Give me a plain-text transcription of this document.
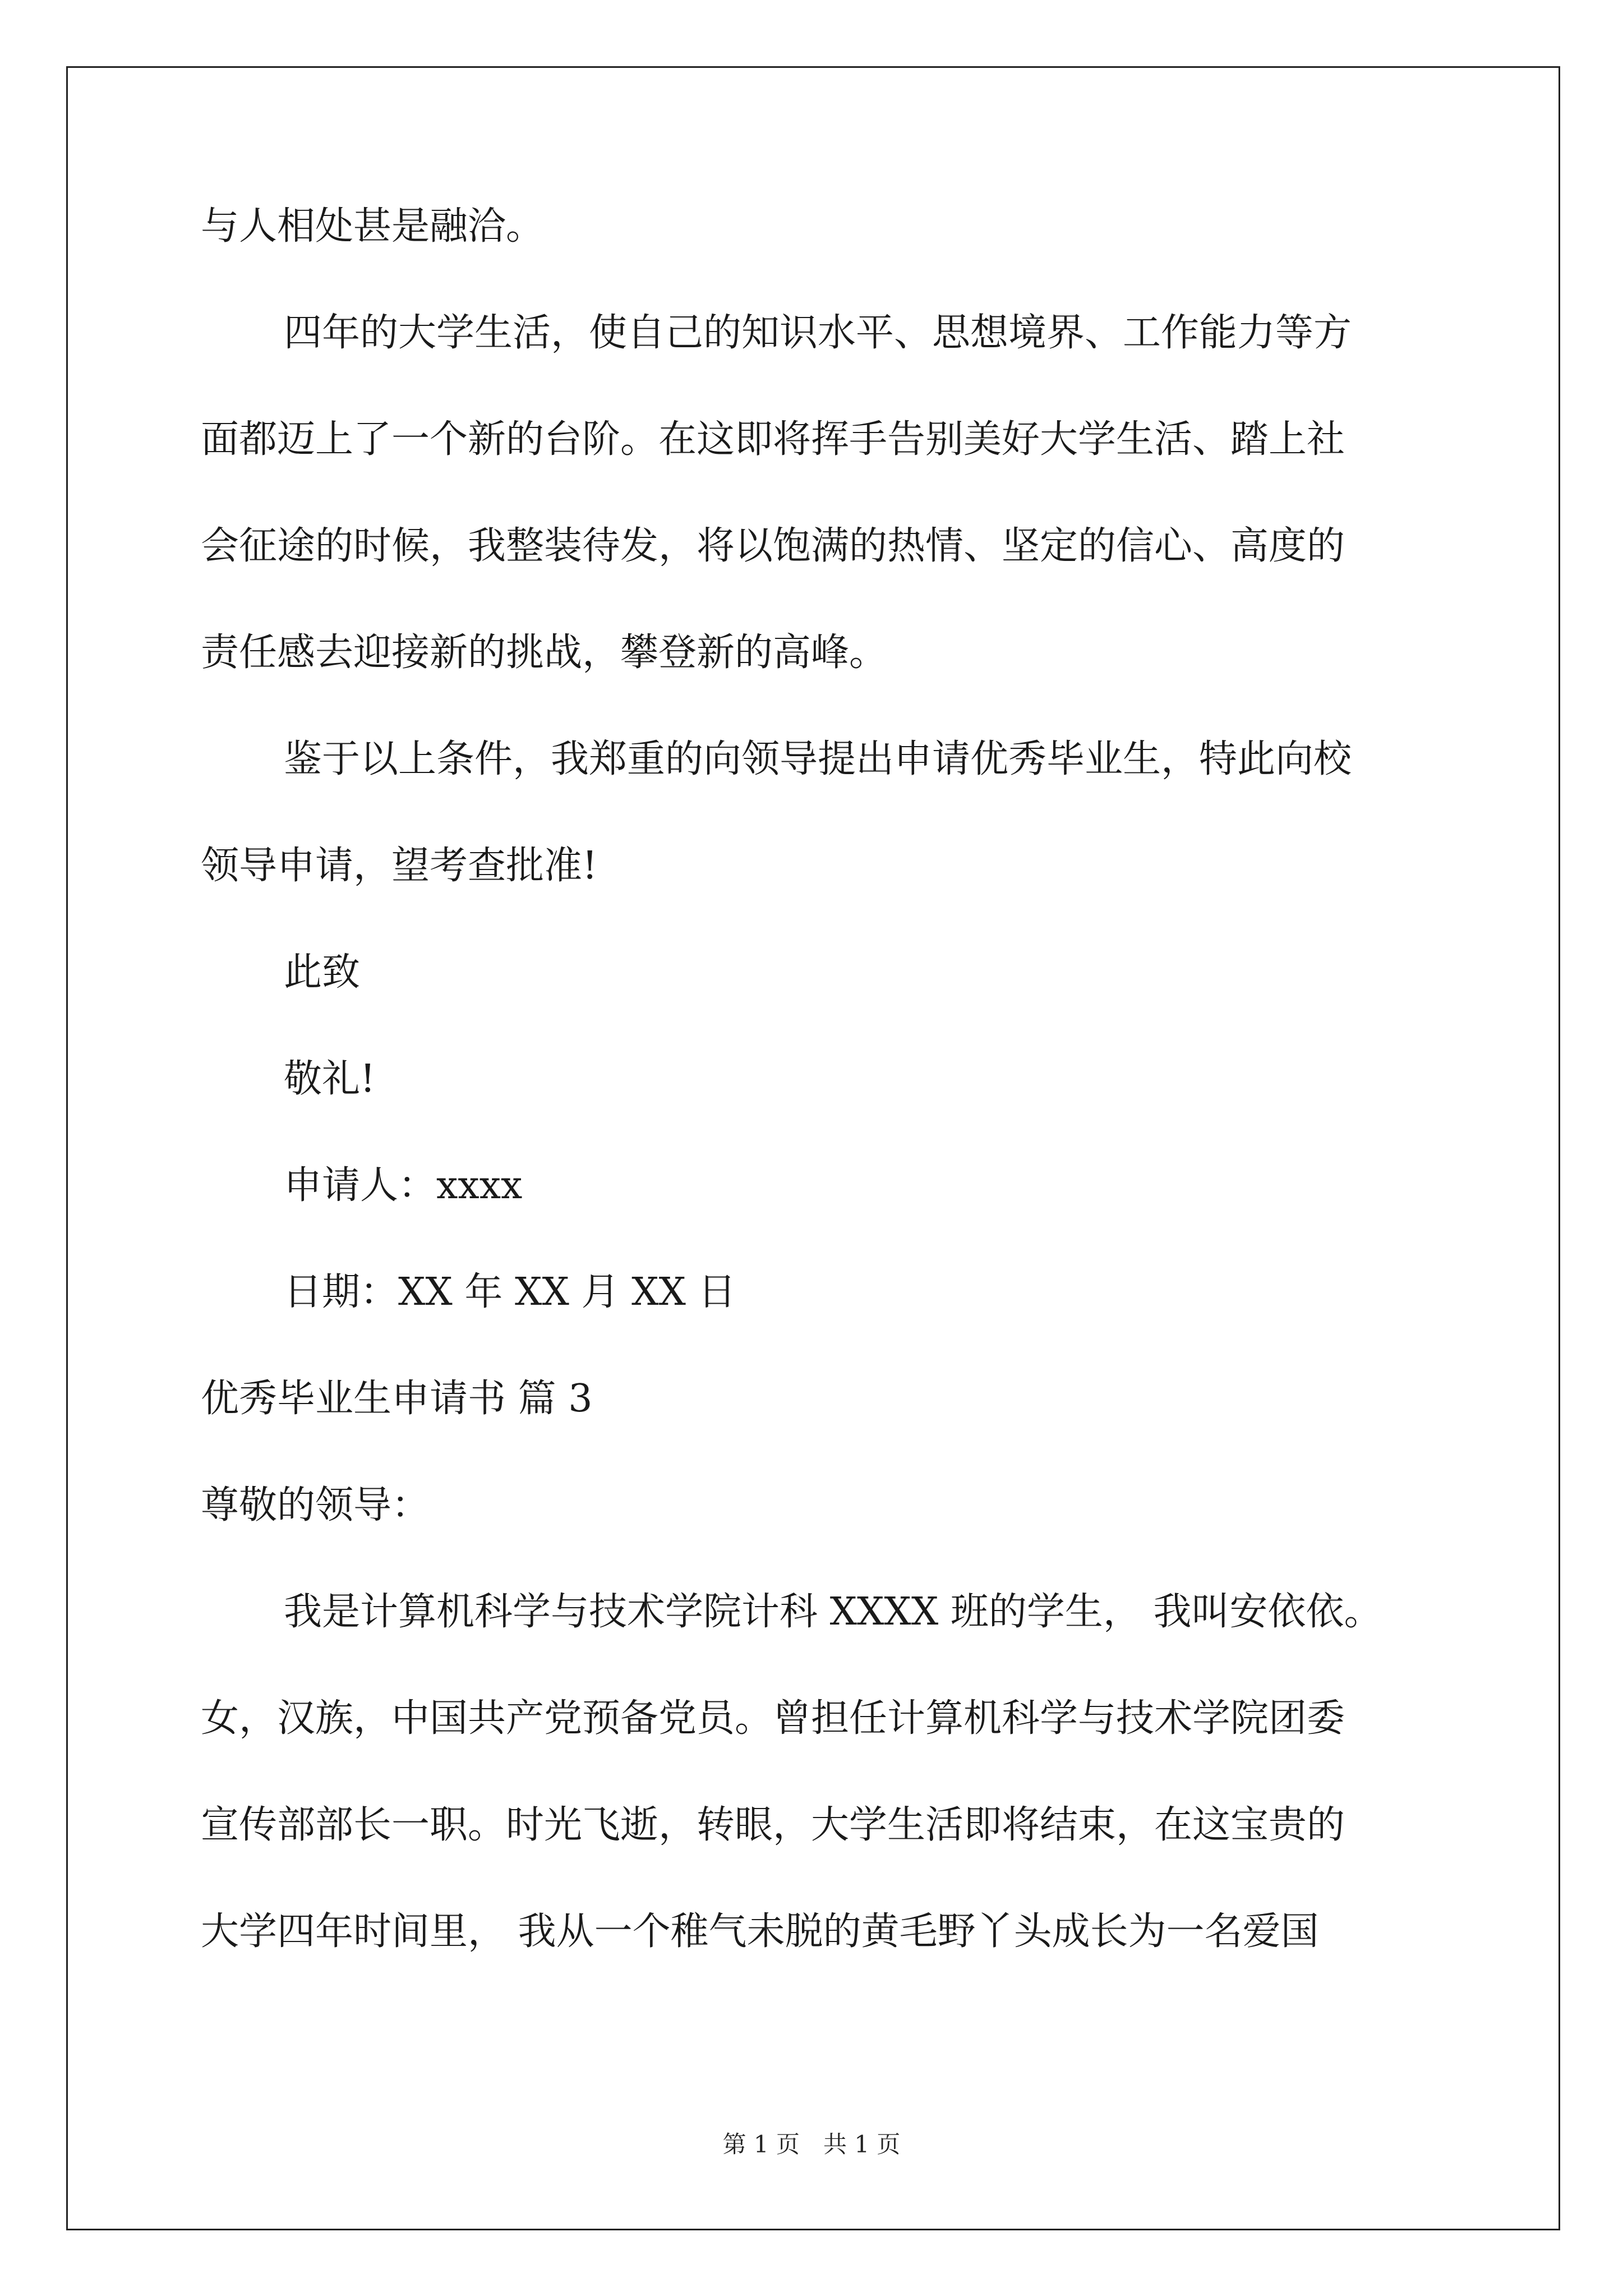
与人相处甚是融洽。
四年的大学生活，使自己的知识水平、思想境界、工作能力等方
面都迈上了一个新的台阶。在这即将挥手告别美好大学生活、踏上社
会征途的时候，我整装待发，将以饱满的热情、坚定的信心、高度的
责任感去迎接新的挑战，攀登新的高峰。
鉴于以上条件，我郑重的向领导提出申请优秀毕业生，特此向校
领导申请，望考查批准!
此致
敬礼!
申请人：xxxx
日期：XX 年 XX 月 XX 日
优秀毕业生申请书 篇 3
尊敬的领导：
我是计算机科学与技术学院计科 XXXX 班的学生， 我叫安依依。
女，汉族，中国共产党预备党员。曾担任计算机科学与技术学院团委
宣传部部长一职。时光飞逝，转眼，大学生活即将结束，在这宝贵的
大学四年时间里， 我从一个稚气未脱的黄毛野丫头成长为一名爱国
第 1 页　共 1 页
